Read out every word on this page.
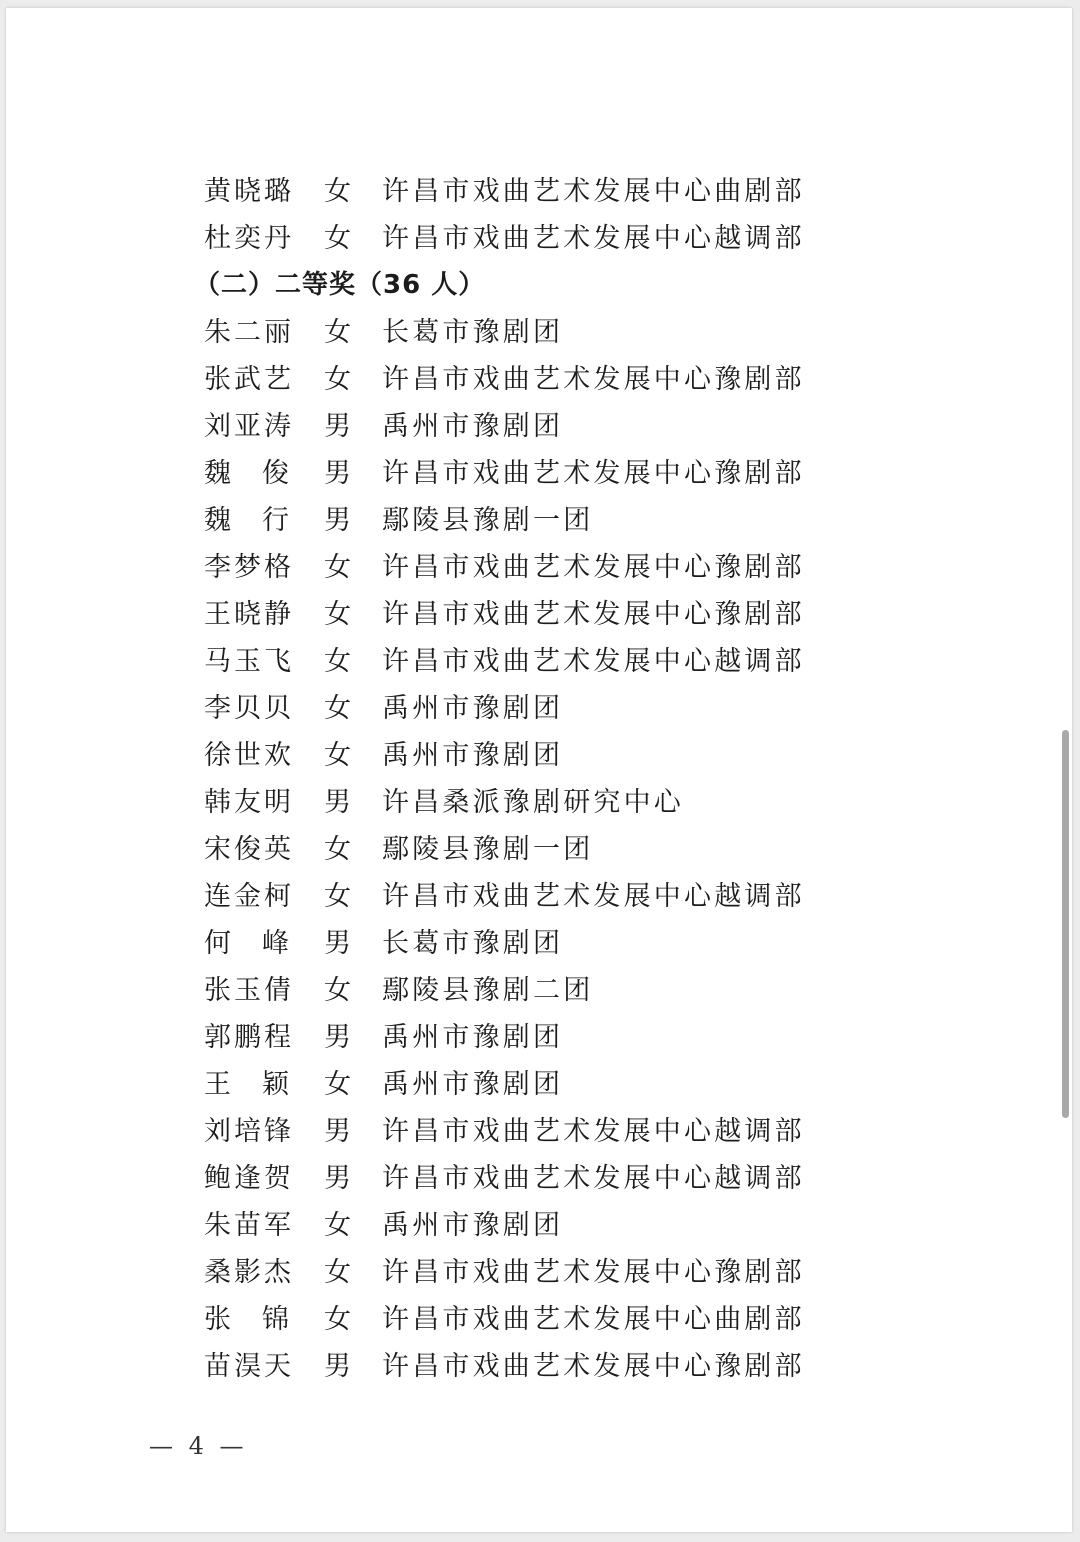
黄晓璐	女	许昌市戏曲艺术发展中心曲剧部
杜奕丹	女	许昌市戏曲艺术发展中心越调部
（二）二等奖（36 人）
朱二丽	女	长葛市豫剧团
张武艺	女	许昌市戏曲艺术发展中心豫剧部
刘亚涛	男	禹州市豫剧团
魏 俊	男	许昌市戏曲艺术发展中心豫剧部
魏 行	男	鄢陵县豫剧一团
李梦格	女	许昌市戏曲艺术发展中心豫剧部
王晓静	女	许昌市戏曲艺术发展中心豫剧部
马玉飞	女	许昌市戏曲艺术发展中心越调部
李贝贝	女	禹州市豫剧团
徐世欢	女	禹州市豫剧团
韩友明	男	许昌桑派豫剧研究中心
宋俊英	女	鄢陵县豫剧一团
连金柯	女	许昌市戏曲艺术发展中心越调部
何 峰	男	长葛市豫剧团
张玉倩	女	鄢陵县豫剧二团
郭鹏程	男	禹州市豫剧团
王 颖	女	禹州市豫剧团
刘培锋	男	许昌市戏曲艺术发展中心越调部
鲍逢贺	男	许昌市戏曲艺术发展中心越调部
朱苗军	女	禹州市豫剧团
桑影杰	女	许昌市戏曲艺术发展中心豫剧部
张 锦	女	许昌市戏曲艺术发展中心曲剧部
苗淏天	男	许昌市戏曲艺术发展中心豫剧部
— 4 —
